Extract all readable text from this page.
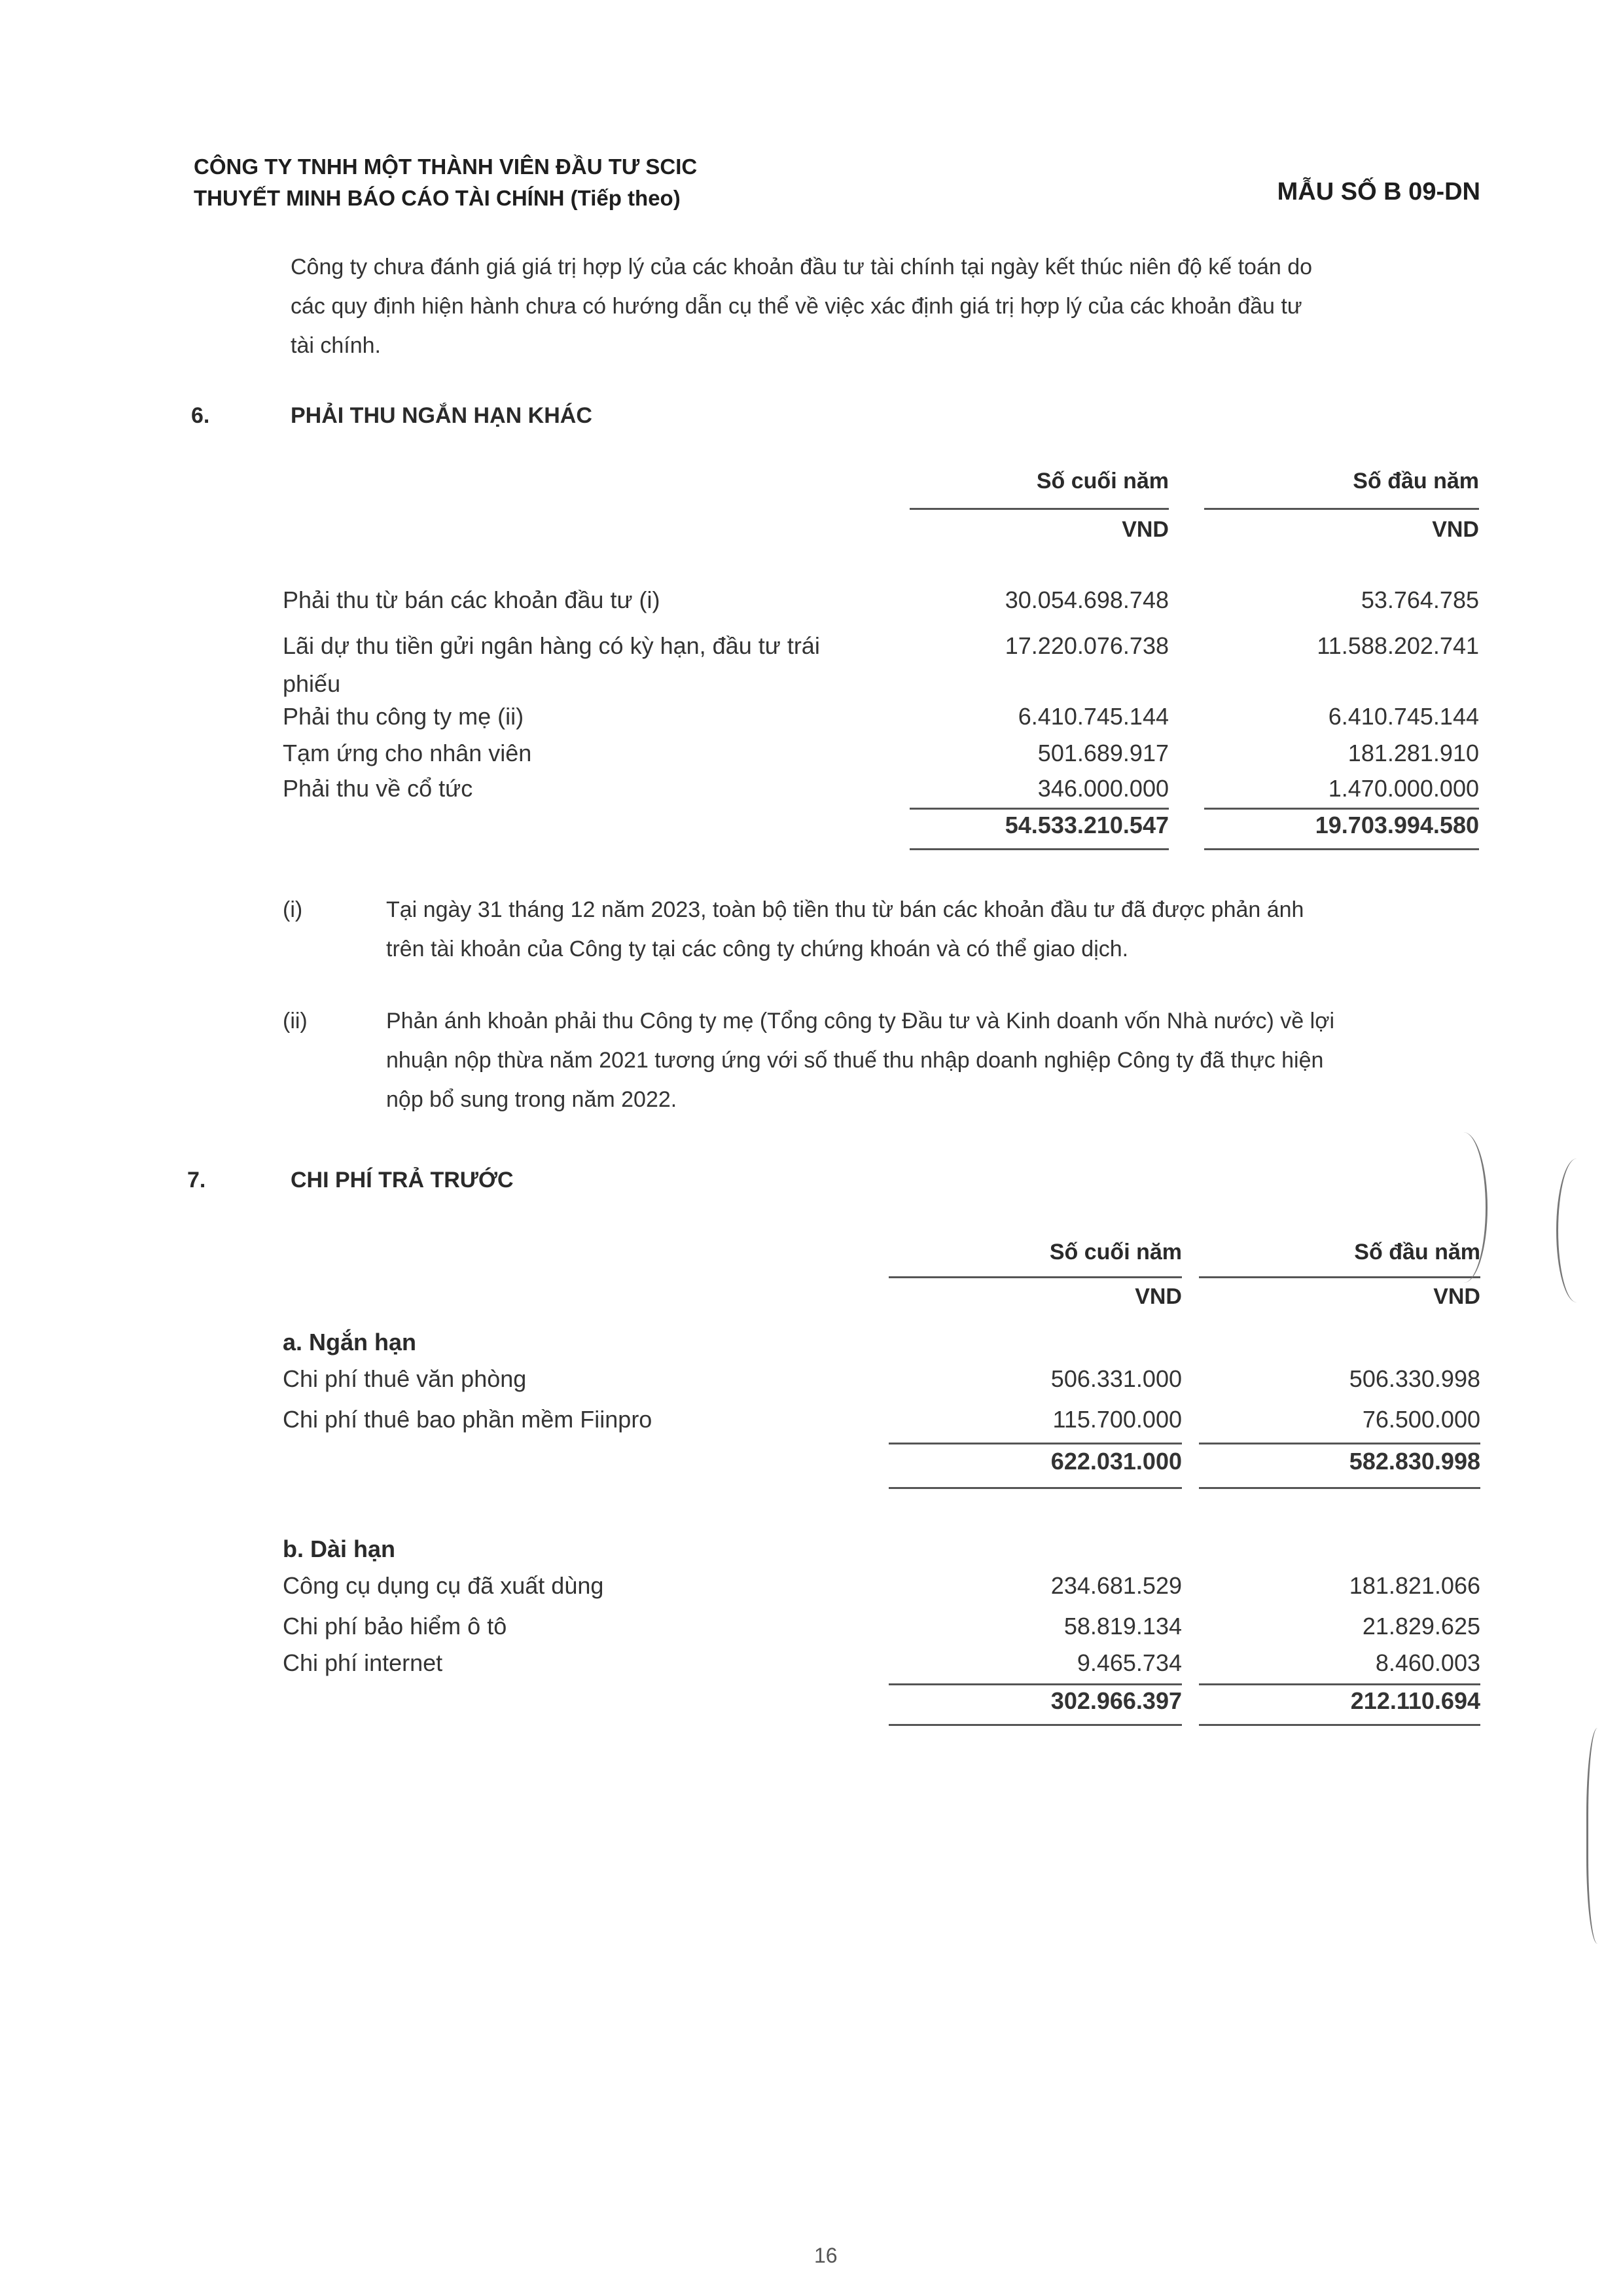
CÔNG TY TNHH MỘT THÀNH VIÊN ĐẦU TƯ SCIC
THUYẾT MINH BÁO CÁO TÀI CHÍNH (Tiếp theo)	MẪU SỐ B 09-DN
Công ty chưa đánh giá giá trị hợp lý của các khoản đầu tư tài chính tại ngày kết thúc niên độ kế toán do
các quy định hiện hành chưa có hướng dẫn cụ thể về việc xác định giá trị hợp lý của các khoản đầu tư
tài chính.
6.	PHẢI THU NGẮN HẠN KHÁC
Số cuối năm	Số đầu năm
VND	VND
Phải thu từ bán các khoản đầu tư (i)	30.054.698.748	53.764.785
Lãi dự thu tiền gửi ngân hàng có kỳ hạn, đầu tư trái
phiếu
17.220.076.738	11.588.202.741
Phải thu công ty mẹ (ii)	6.410.745.144	6.410.745.144
Tạm ứng cho nhân viên	501.689.917	181.281.910
Phải thu về cổ tức	346.000.000	1.470.000.000
54.533.210.547	19.703.994.580
(i)	Tại ngày 31 tháng 12 năm 2023, toàn bộ tiền thu từ bán các khoản đầu tư đã được phản ánh
trên tài khoản của Công ty tại các công ty chứng khoán và có thể giao dịch.
(ii)	Phản ánh khoản phải thu Công ty mẹ (Tổng công ty Đầu tư và Kinh doanh vốn Nhà nước) về lợi
nhuận nộp thừa năm 2021 tương ứng với số thuế thu nhập doanh nghiệp Công ty đã thực hiện
nộp bổ sung trong năm 2022.
7.	CHI PHÍ TRẢ TRƯỚC
Số cuối năm	Số đầu năm
VND	VND
a. Ngắn hạn
Chi phí thuê văn phòng	506.331.000	506.330.998
Chi phí thuê bao phần mềm Fiinpro	115.700.000	76.500.000
622.031.000	582.830.998
b. Dài hạn
Công cụ dụng cụ đã xuất dùng	234.681.529	181.821.066
Chi phí bảo hiểm ô tô	58.819.134	21.829.625
Chi phí internet	9.465.734	8.460.003
302.966.397	212.110.694
16
